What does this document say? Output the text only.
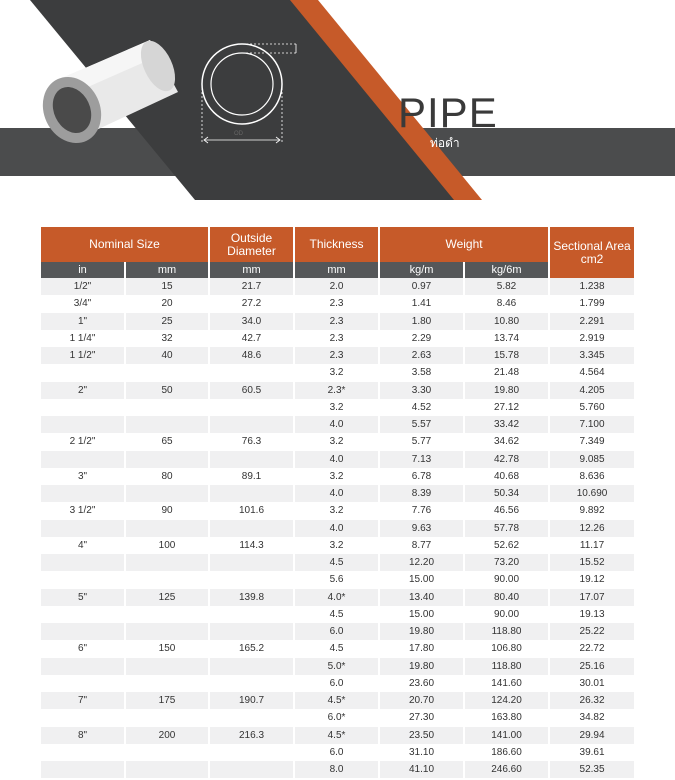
OD	PIPE
ท่อดำ
Nominal Size		Outside Diameter	Thickness	Weight		Sectional Area cm2
in	mm	mm	mm	kg/m	kg/6m	
1/2"	15	21.7	2.0	0.97	5.82	1.238
3/4"	20	27.2	2.3	1.41	8.46	1.799
1"	25	34.0	2.3	1.80	10.80	2.291
1 1/4"	32	42.7	2.3	2.29	13.74	2.919
1 1/2"	40	48.6	2.3	2.63	15.78	3.345
			3.2	3.58	21.48	4.564
2"	50	60.5	2.3*	3.30	19.80	4.205
			3.2	4.52	27.12	5.760
			4.0	5.57	33.42	7.100
2 1/2"	65	76.3	3.2	5.77	34.62	7.349
			4.0	7.13	42.78	9.085
3"	80	89.1	3.2	6.78	40.68	8.636
			4.0	8.39	50.34	10.690
3 1/2"	90	101.6	3.2	7.76	46.56	9.892
			4.0	9.63	57.78	12.26
4"	100	114.3	3.2	8.77	52.62	11.17
			4.5	12.20	73.20	15.52
			5.6	15.00	90.00	19.12
5"	125	139.8	4.0*	13.40	80.40	17.07
			4.5	15.00	90.00	19.13
			6.0	19.80	118.80	25.22
6"	150	165.2	4.5	17.80	106.80	22.72
			5.0*	19.80	118.80	25.16
			6.0	23.60	141.60	30.01
7"	175	190.7	4.5*	20.70	124.20	26.32
			6.0*	27.30	163.80	34.82
8"	200	216.3	4.5*	23.50	141.00	29.94
			6.0	31.10	186.60	39.61
			8.0	41.10	246.60	52.35
